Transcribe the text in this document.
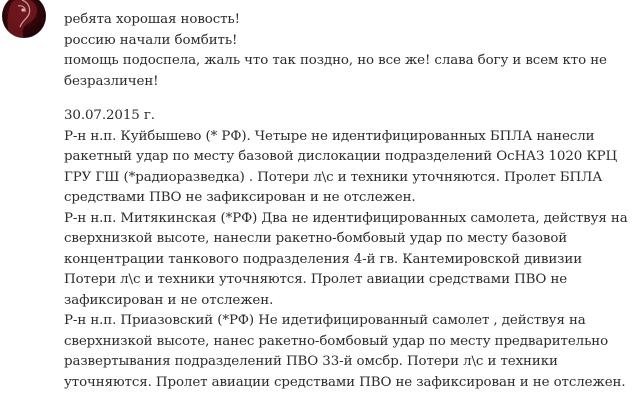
ребята хорошая новость!
россию начали бомбить!
помощь подоспела, жаль что так поздно, но все же! слава богу и всем кто не
безразличен!
30.07.2015 г.
Р-н н.п. Куйбышево (* РФ). Четыре не идентифицированных БПЛА нанесли
ракетный удар по месту базовой дислокации подразделений ОсНАЗ 1020 КРЦ
ГРУ ГШ (*радиоразведка) . Потери л\с и техники уточняются. Пролет БПЛА
средствами ПВО не зафиксирован и не отслежен.
Р-н н.п. Митякинская (*РФ) Два не идентифицированных самолета, действуя на
сверхнизкой высоте, нанесли ракетно-бомбовый удар по месту базовой
концентрации танкового подразделения 4-й гв. Кантемировской дивизии
Потери л\с и техники уточняются. Пролет авиации средствами ПВО не
зафиксирован и не отслежен.
Р-н н.п. Приазовский (*РФ) Не идетифицированный самолет , действуя на
сверхнизкой высоте, нанес ракетно-бомбовый удар по месту предварительно
развертывания подразделений ПВО 33-й омсбр. Потери л\с и техники
уточняются. Пролет авиации средствами ПВО не зафиксирован и не отслежен.
